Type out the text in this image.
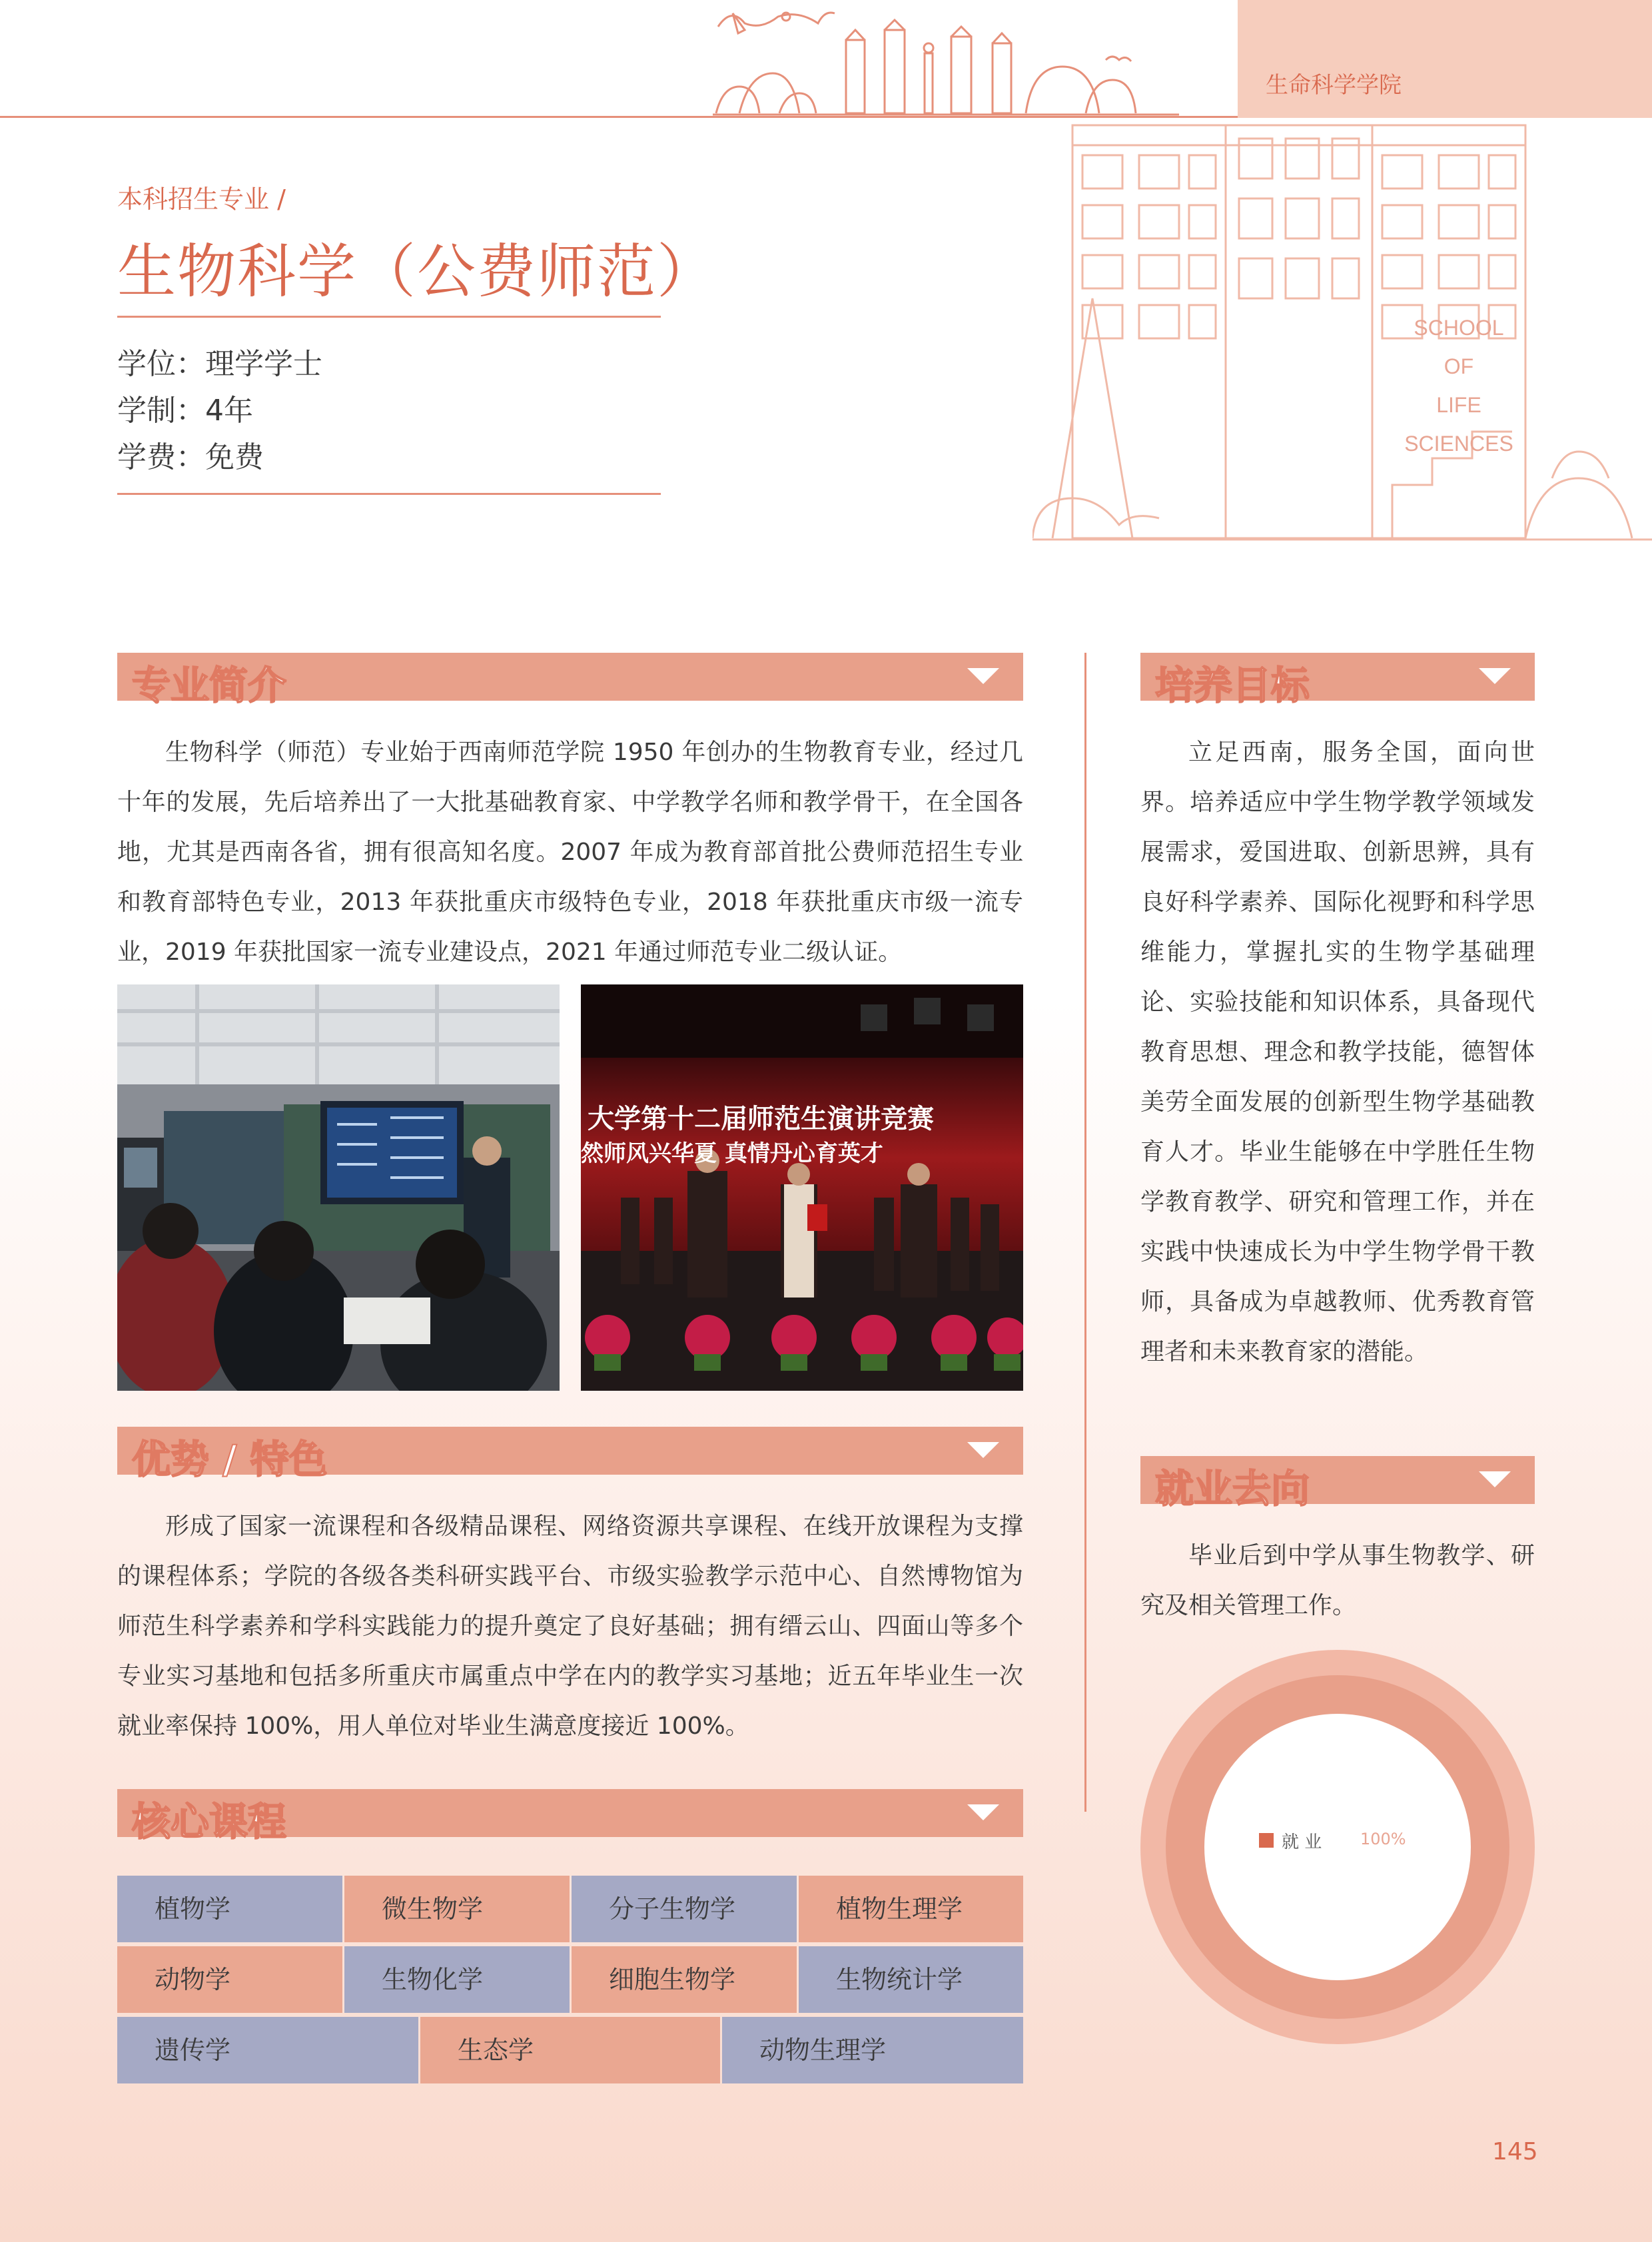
生命科学学院
SCHOOL
OF
LIFE
SCIENCES
本科招生专业 /
生物科学（公费师范）
学位：理学学士
学制：4年
学费：免费
专业简介
生物科学（师范）专业始于西南师范学院 1950 年创办的生物教育专业，经过几十年的发展，先后培养出了一大批基础教育家、中学教学名师和教学骨干，在全国各地，尤其是西南各省，拥有很高知名度。2007 年成为教育部首批公费师范招生专业和教育部特色专业，2013 年获批重庆市级特色专业，2018 年获批重庆市级一流专业，2019 年获批国家一流专业建设点，2021 年通过师范专业二级认证。
大学第十二届师范生演讲竞赛
然师风兴华夏 真情丹心育英才
优势 / 特色
形成了国家一流课程和各级精品课程、网络资源共享课程、在线开放课程为支撑的课程体系；学院的各级各类科研实践平台、市级实验教学示范中心、自然博物馆为师范生科学素养和学科实践能力的提升奠定了良好基础；拥有缙云山、四面山等多个专业实习基地和包括多所重庆市属重点中学在内的教学实习基地；近五年毕业生一次就业率保持 100%，用人单位对毕业生满意度接近 100%。
核心课程
植物学	微生物学	分子生物学	植物生理学
动物学	生物化学	细胞生物学	生物统计学
遗传学	生态学	动物生理学
培养目标
立足西南，服务全国，面向世界。培养适应中学生物学教学领域发展需求，爱国进取、创新思辨，具有良好科学素养、国际化视野和科学思维能力，掌握扎实的生物学基础理论、实验技能和知识体系，具备现代教育思想、理念和教学技能，德智体美劳全面发展的创新型生物学基础教育人才。毕业生能够在中学胜任生物学教育教学、研究和管理工作，并在实践中快速成长为中学生物学骨干教师，具备成为卓越教师、优秀教育管理者和未来教育家的潜能。
就业去向
毕业后到中学从事生物教学、研究及相关管理工作。
就 业 100%
145
